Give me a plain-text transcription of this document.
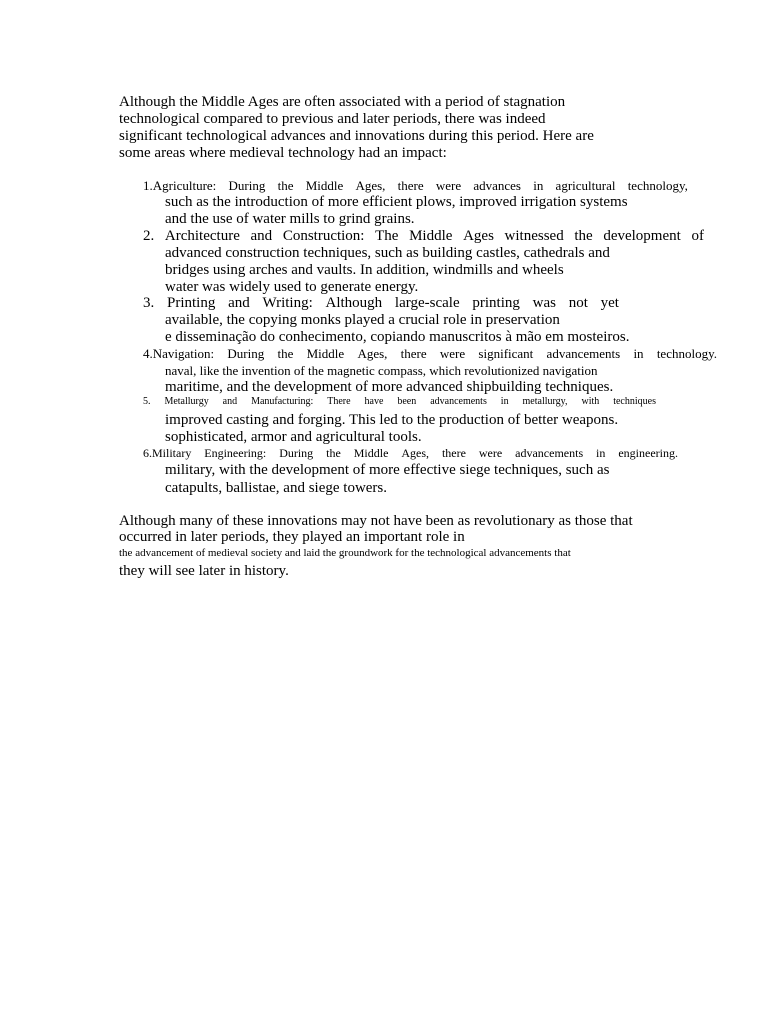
Although the Middle Ages are often associated with a period of stagnation
technological compared to previous and later periods, there was indeed
significant technological advances and innovations during this period. Here are
some areas where medieval technology had an impact:
1.Agriculture: During the Middle Ages, there were advances in agricultural technology,
such as the introduction of more efficient plows, improved irrigation systems
and the use of water mills to grind grains.
2. Architecture and Construction: The Middle Ages witnessed the development of
advanced construction techniques, such as building castles, cathedrals and
bridges using arches and vaults. In addition, windmills and wheels
water was widely used to generate energy.
3. Printing and Writing: Although large-scale printing was not yet
available, the copying monks played a crucial role in preservation
e disseminação do conhecimento, copiando manuscritos à mão em mosteiros.
4.Navigation: During the Middle Ages, there were significant advancements in technology.
naval, like the invention of the magnetic compass, which revolutionized navigation
maritime, and the development of more advanced shipbuilding techniques.
5. Metallurgy and Manufacturing: There have been advancements in metallurgy, with techniques
improved casting and forging. This led to the production of better weapons.
sophisticated, armor and agricultural tools.
6.Military Engineering: During the Middle Ages, there were advancements in engineering.
military, with the development of more effective siege techniques, such as
catapults, ballistae, and siege towers.
Although many of these innovations may not have been as revolutionary as those that
occurred in later periods, they played an important role in
the advancement of medieval society and laid the groundwork for the technological advancements that
they will see later in history.
